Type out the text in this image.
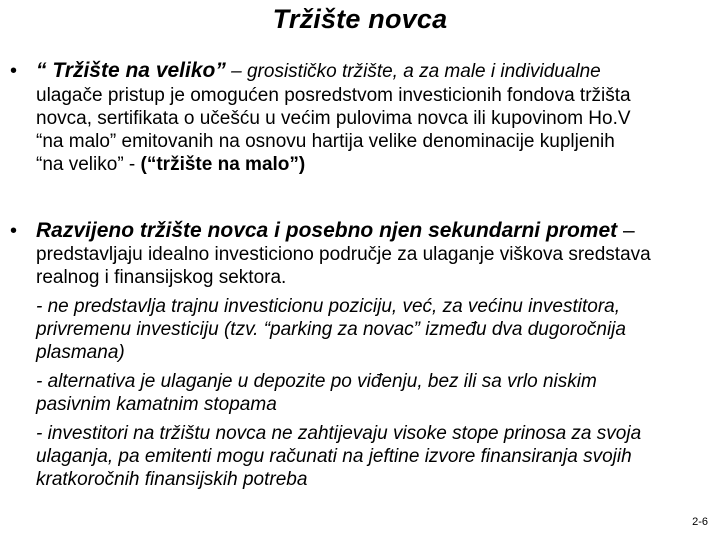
Tržište novca
• “ Tržište na veliko” – grosističko tržište, a za male i individualne
ulagače pristup je omogućen posredstvom investicionih fondova tržišta
novca, sertifikata o učešću u većim pulovima novca ili kupovinom Ho.V
“na malo” emitovanih na osnovu hartija velike denominacije kupljenih
“na veliko” - (“tržište na malo”)
• Razvijeno tržište novca i posebno njen sekundarni promet –
predstavljaju idealno investiciono područje za ulaganje viškova sredstava
realnog i finansijskog sektora.
- ne predstavlja trajnu investicionu poziciju, već, za većinu investitora,
privremenu investiciju (tzv. “parking za novac” između dva dugoročnija
plasmana)
- alternativa je ulaganje u depozite po viđenju, bez ili sa vrlo niskim
pasivnim kamatnim stopama
- investitori na tržištu novca ne zahtijevaju visoke stope prinosa za svoja
ulaganja, pa emitenti mogu računati na jeftine izvore finansiranja svojih
kratkoročnih finansijskih potreba
2-6
